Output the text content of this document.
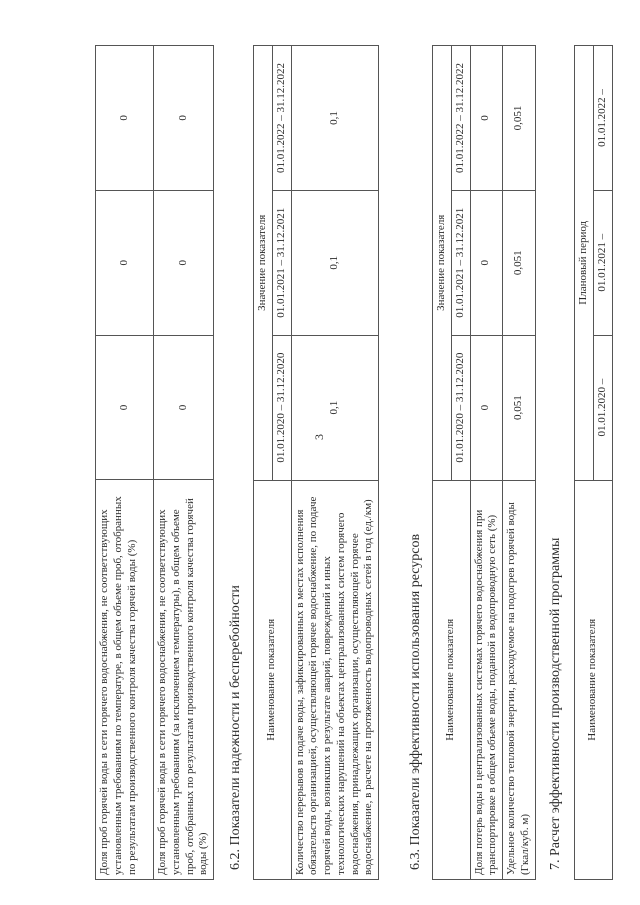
3
Доля проб горячей воды в сети горячего водоснабжения, не соответствующих установленным требованиям по температуре, в общем объеме проб, отобранных по результатам производственного контроля качества горячей воды (%)	0	0	0
Доля проб горячей воды в сети горячего водоснабжения, не соответствующих установленным требованиям (за исключением температуры), в общем объеме проб, отобранных по результатам производственного контроля качества горячей воды (%)	0	0	0
6.2. Показатели надежности и бесперебойности Наименование показателя	Значение показателя		
	01.01.2020 – 31.12.2020	01.01.2021 – 31.12.2021	01.01.2022 – 31.12.2022
Количество перерывов в подаче воды, зафиксированных в местах исполнения обязательств организацией, осуществляющей горячее водоснабжение, по подаче горячей воды, возникших в результате аварий, повреждений и иных технологических нарушений на объектах централизованных систем горячего водоснабжения, принадлежащих организации, осуществляющей горячее водоснабжение, в расчете на протяженность водопроводных сетей в год (ед./км)	0,1	0,1	0,1
6.3. Показатели эффективности использования ресурсов Наименование показателя	Значение показателя		
	01.01.2020 – 31.12.2020	01.01.2021 – 31.12.2021	01.01.2022 – 31.12.2022
Доля потерь воды в централизованных системах горячего водоснабжения при транспортировке в общем объеме воды, поданной в водопроводную сеть (%)	0	0	0
Удельное количество тепловой энергии, расходуемое на подогрев горячей воды (Гкал/куб. м)	0,051	0,051	0,051
7. Расчет эффективности производственной программы Наименование показателя	Плановый период		
	01.01.2020 –	01.01.2021 –	01.01.2022 –
